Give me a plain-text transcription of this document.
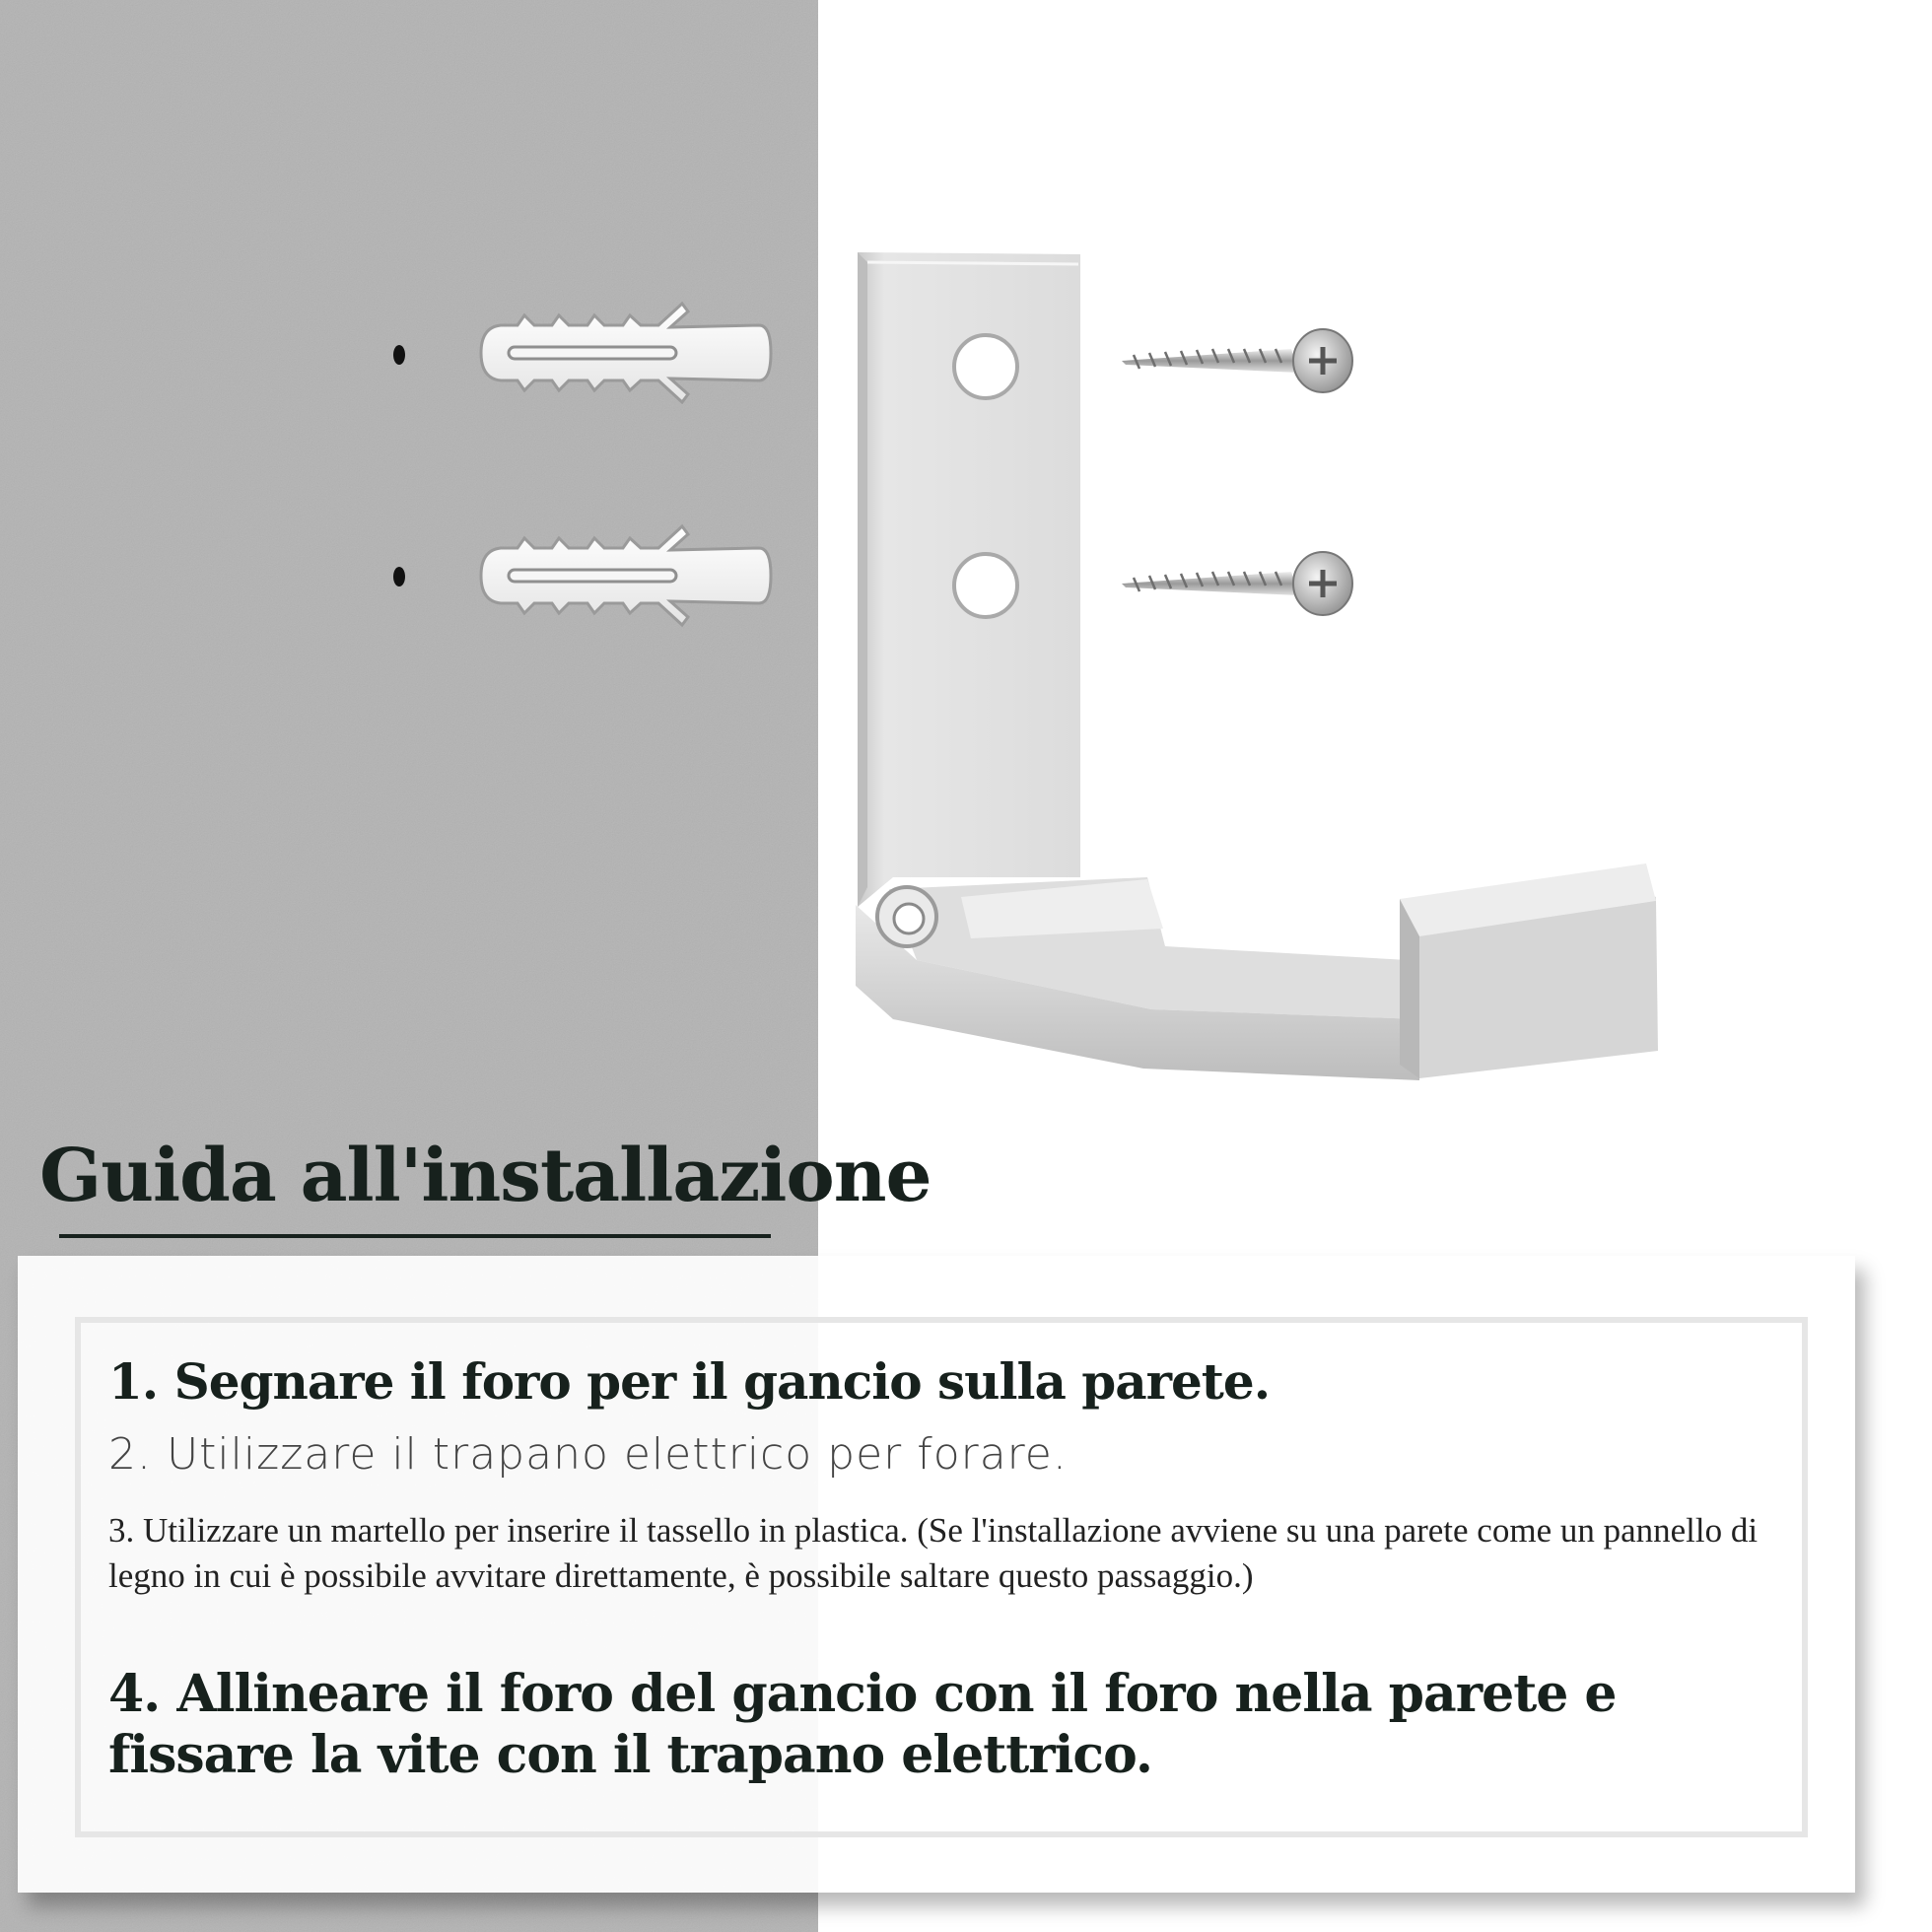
Guida all'installazione

1. Segnare il foro per il gancio sulla parete.

2. Utilizzare il trapano elettrico per forare.

3. Utilizzare un martello per inserire il tassello in plastica. (Se l'installazione avviene su una parete come un pannello di legno in cui è possibile avvitare direttamente, è possibile saltare questo passaggio.)

4. Allineare il foro del gancio con il foro nella parete e fissare la vite con il trapano elettrico.
